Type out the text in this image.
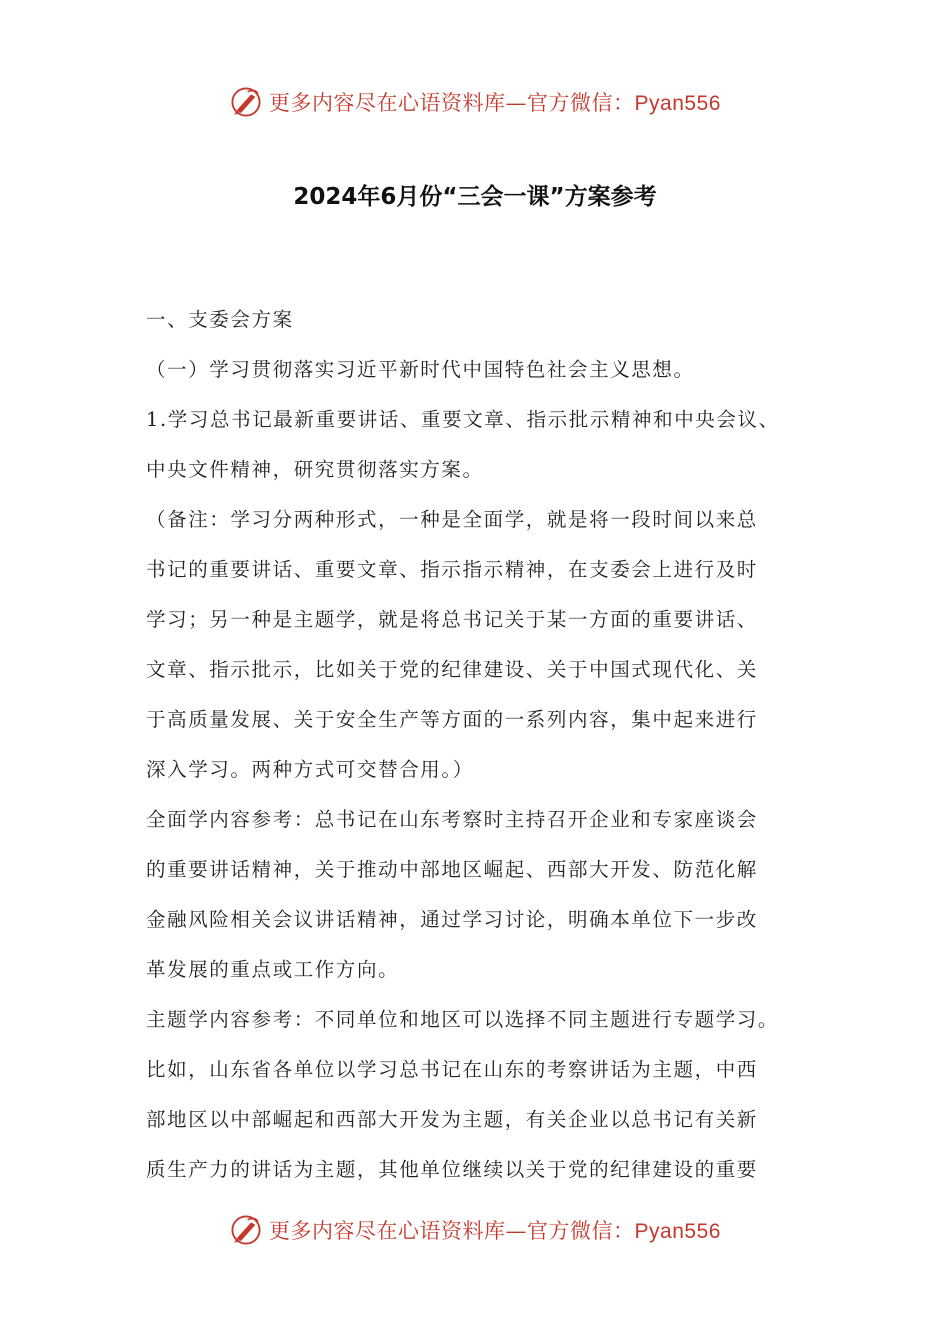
更多内容尽在心语资料库—官方微信：Pyan556
2024年6月份“三会一课”方案参考
一、支委会方案
（一）学习贯彻落实习近平新时代中国特色社会主义思想。
1.学习总书记最新重要讲话、重要文章、指示批示精神和中央会议、
中央文件精神，研究贯彻落实方案。
（备注：学习分两种形式，一种是全面学，就是将一段时间以来总
书记的重要讲话、重要文章、指示指示精神，在支委会上进行及时
学习；另一种是主题学，就是将总书记关于某一方面的重要讲话、
文章、指示批示，比如关于党的纪律建设、关于中国式现代化、关
于高质量发展、关于安全生产等方面的一系列内容，集中起来进行
深入学习。两种方式可交替合用。）
全面学内容参考：总书记在山东考察时主持召开企业和专家座谈会
的重要讲话精神，关于推动中部地区崛起、西部大开发、防范化解
金融风险相关会议讲话精神，通过学习讨论，明确本单位下一步改
革发展的重点或工作方向。
主题学内容参考：不同单位和地区可以选择不同主题进行专题学习。
比如，山东省各单位以学习总书记在山东的考察讲话为主题，中西
部地区以中部崛起和西部大开发为主题，有关企业以总书记有关新
质生产力的讲话为主题，其他单位继续以关于党的纪律建设的重要
更多内容尽在心语资料库—官方微信：Pyan556
